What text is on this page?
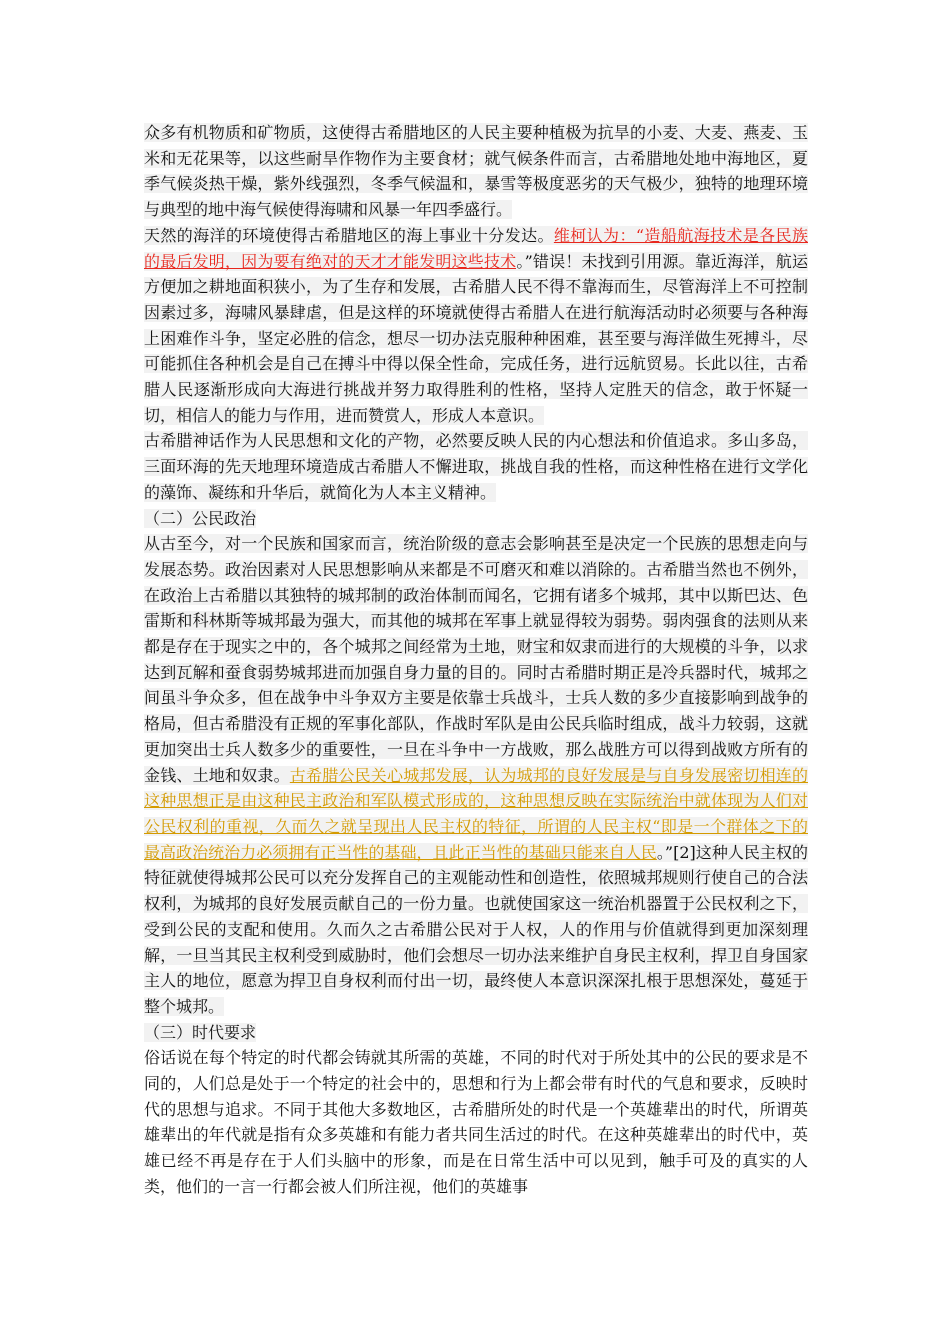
众多有机物质和矿物质，这使得古希腊地区的人民主要种植极为抗旱的小麦、大麦、燕麦、玉米和无花果等，以这些耐旱作物作为主要食材；就气候条件而言，古希腊地处地中海地区，夏季气候炎热干燥，紫外线强烈，冬季气候温和，暴雪等极度恶劣的天气极少，独特的地理环境与典型的地中海气候使得海啸和风暴一年四季盛行。

天然的海洋的环境使得古希腊地区的海上事业十分发达。维柯认为：“造船航海技术是各民族的最后发明，因为要有绝对的天才才能发明这些技术。”错误！未找到引用源。靠近海洋，航运方便加之耕地面积狭小，为了生存和发展，古希腊人民不得不靠海而生，尽管海洋上不可控制因素过多，海啸风暴肆虐，但是这样的环境就使得古希腊人在进行航海活动时必须要与各种海上困难作斗争，坚定必胜的信念，想尽一切办法克服种种困难，甚至要与海洋做生死搏斗，尽可能抓住各种机会是自己在搏斗中得以保全性命，完成任务，进行远航贸易。长此以往，古希腊人民逐渐形成向大海进行挑战并努力取得胜利的性格，坚持人定胜天的信念，敢于怀疑一切，相信人的能力与作用，进而赞赏人，形成人本意识。

古希腊神话作为人民思想和文化的产物，必然要反映人民的内心想法和价值追求。多山多岛，三面环海的先天地理环境造成古希腊人不懈进取，挑战自我的性格，而这种性格在进行文学化的藻饰、凝练和升华后，就简化为人本主义精神。

（二）公民政治

从古至今，对一个民族和国家而言，统治阶级的意志会影响甚至是决定一个民族的思想走向与发展态势。政治因素对人民思想影响从来都是不可磨灭和难以消除的。古希腊当然也不例外，在政治上古希腊以其独特的城邦制的政治体制而闻名，它拥有诸多个城邦，其中以斯巴达、色雷斯和科林斯等城邦最为强大，而其他的城邦在军事上就显得较为弱势。弱肉强食的法则从来都是存在于现实之中的，各个城邦之间经常为土地，财宝和奴隶而进行的大规模的斗争，以求达到瓦解和蚕食弱势城邦进而加强自身力量的目的。同时古希腊时期正是冷兵器时代，城邦之间虽斗争众多，但在战争中斗争双方主要是依靠士兵战斗，士兵人数的多少直接影响到战争的格局，但古希腊没有正规的军事化部队，作战时军队是由公民兵临时组成，战斗力较弱，这就更加突出士兵人数多少的重要性，一旦在斗争中一方战败，那么战胜方可以得到战败方所有的金钱、土地和奴隶。古希腊公民关心城邦发展，认为城邦的良好发展是与自身发展密切相连的这种思想正是由这种民主政治和军队模式形成的，这种思想反映在实际统治中就体现为人们对公民权利的重视，久而久之就呈现出人民主权的特征，所谓的人民主权“即是一个群体之下的最高政治统治力必须拥有正当性的基础，且此正当性的基础只能来自人民。”[2]这种人民主权的特征就使得城邦公民可以充分发挥自己的主观能动性和创造性，依照城邦规则行使自己的合法权利，为城邦的良好发展贡献自己的一份力量。也就使国家这一统治机器置于公民权利之下，受到公民的支配和使用。久而久之古希腊公民对于人权，人的作用与价值就得到更加深刻理解，一旦当其民主权利受到威胁时，他们会想尽一切办法来维护自身民主权利，捍卫自身国家主人的地位，愿意为捍卫自身权利而付出一切，最终使人本意识深深扎根于思想深处，蔓延于整个城邦。

（三）时代要求

俗话说在每个特定的时代都会铸就其所需的英雄，不同的时代对于所处其中的公民的要求是不同的，人们总是处于一个特定的社会中的，思想和行为上都会带有时代的气息和要求，反映时代的思想与追求。不同于其他大多数地区，古希腊所处的时代是一个英雄辈出的时代，所谓英雄辈出的年代就是指有众多英雄和有能力者共同生活过的时代。在这种英雄辈出的时代中，英雄已经不再是存在于人们头脑中的形象，而是在日常生活中可以见到，触手可及的真实的人类，他们的一言一行都会被人们所注视，他们的英雄事
